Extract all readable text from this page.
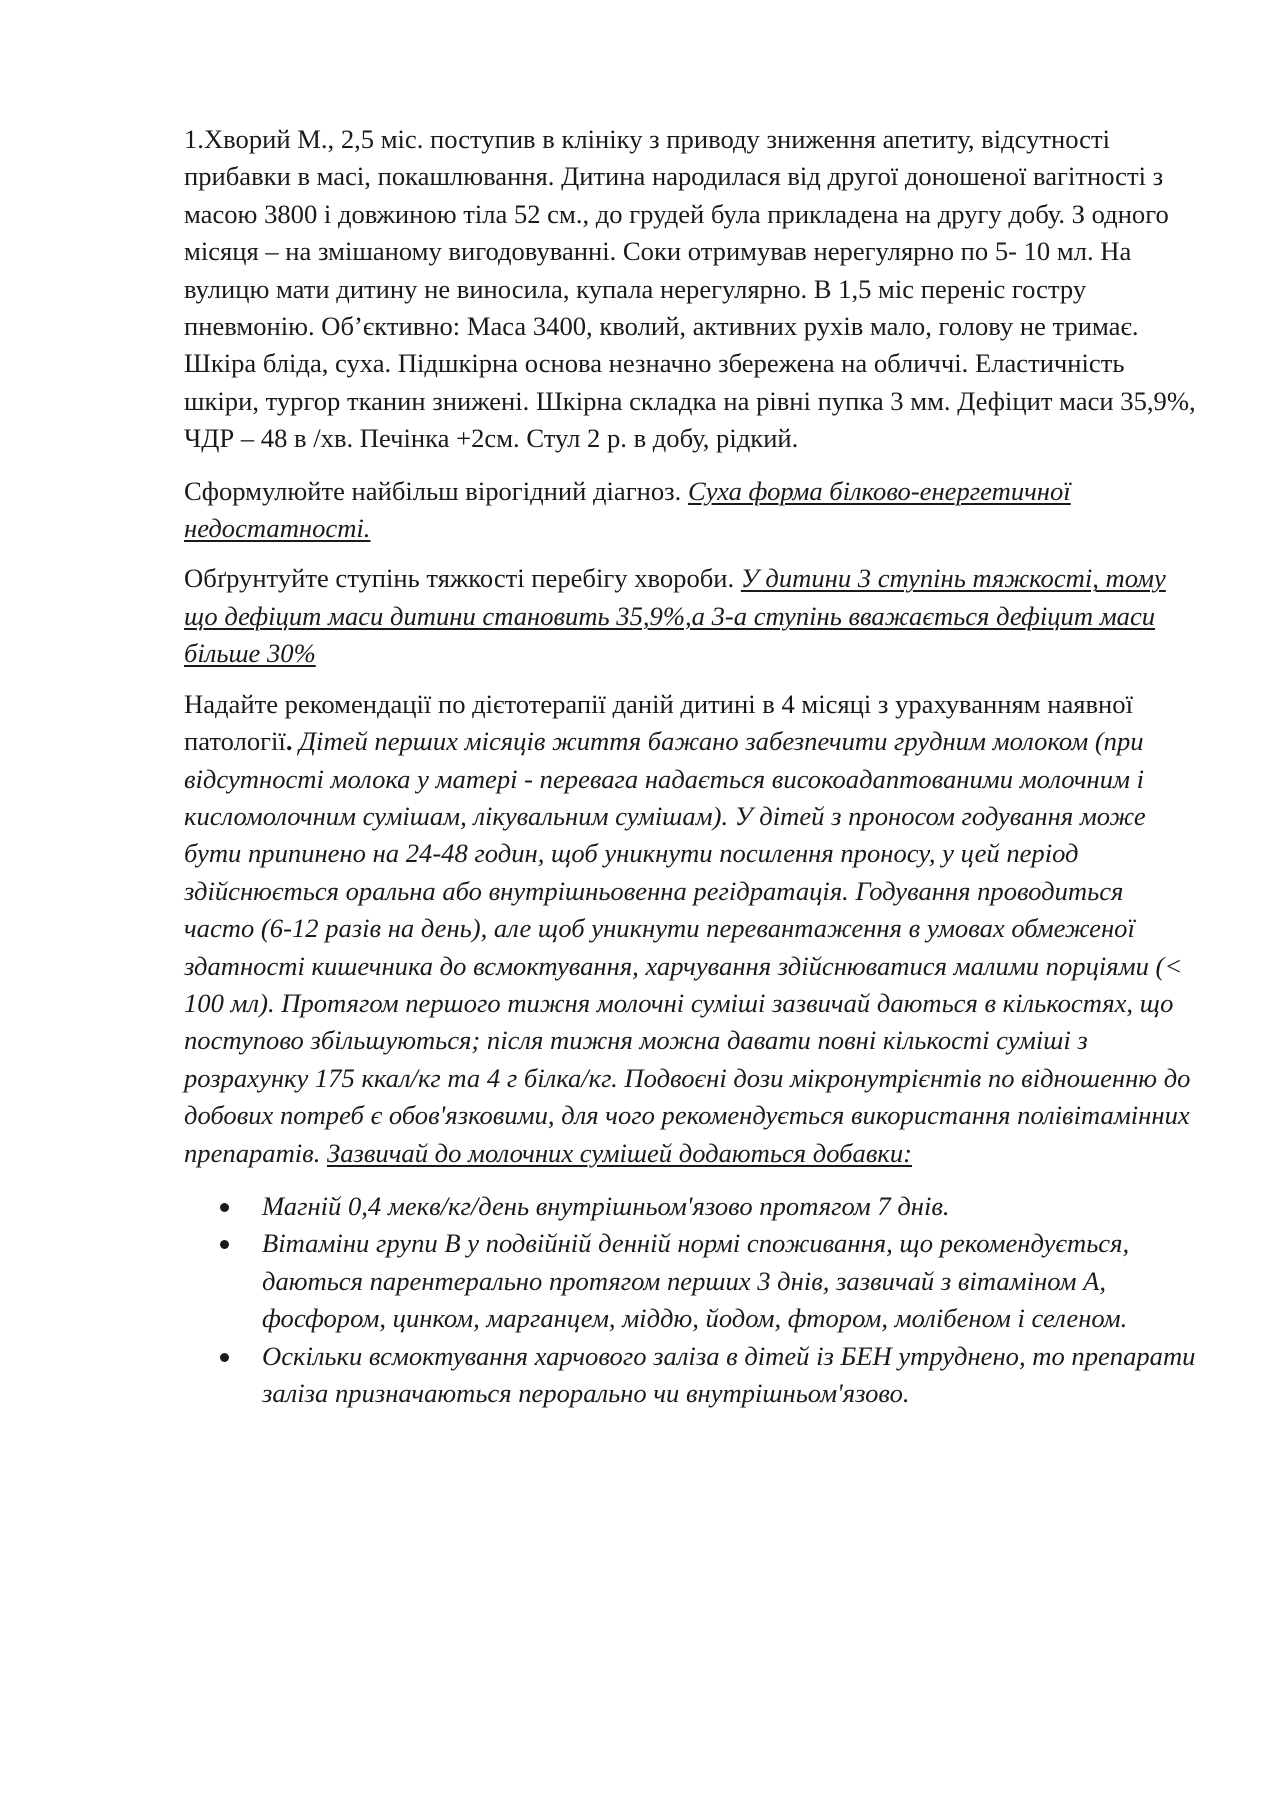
1.Хворий М., 2,5 міс. поступив в клініку з приводу зниження апетиту, відсутності прибавки в масі, покашлювання. Дитина народилася від другої доношеної вагітності з масою 3800 і довжиною тіла 52 см., до грудей була прикладена на другу добу. З одного місяця – на змішаному вигодовуванні. Соки отримував нерегулярно по 5- 10 мл. На вулицю мати дитину не виносила, купала нерегулярно. В 1,5 міс переніс гостру пневмонію. Об’єктивно: Маса 3400, кволий, активних рухів мало, голову не тримає. Шкіра бліда, суха. Підшкірна основа незначно збережена на обличчі. Еластичність шкіри, тургор тканин знижені. Шкірна складка на рівні пупка 3 мм. Дефіцит маси 35,9%, ЧДР – 48 в /хв. Печінка +2см. Стул 2 р. в добу, рідкий.

Сформулюйте найбільш вірогідний діагноз. Суха форма білково-енергетичної недостатності.

Обґрунтуйте ступінь тяжкості перебігу хвороби. У дитини 3 ступінь тяжкості, тому що дефіцит маси дитини становить 35,9%,а 3-а ступінь вважається дефіцит маси більше 30%

Надайте рекомендації по дієтотерапії даній дитині в 4 місяці з урахуванням наявної патології. Дітей перших місяців життя бажано забезпечити грудним молоком (при відсутності молока у матері - перевага надається високоадаптованими молочним і кисломолочним сумішам, лікувальним сумішам). У дітей з проносом годування може бути припинено на 24-48 годин, щоб уникнути посилення проносу, у цей період здійснюється оральна або внутрішньовенна регідратація. Годування проводиться часто (6-12 разів на день), але щоб уникнути перевантаження в умовах обмеженої здатності кишечника до всмоктування, харчування здійснюватися малими порціями (< 100 мл). Протягом першого тижня молочні суміші зазвичай даються в кількостях, що поступово збільшуються; після тижня можна давати повні кількості суміші з розрахунку 175 ккал/кг та 4 г білка/кг. Подвоєні дози мікронутрієнтів по відношенню до добових потреб є обов'язковими, для чого рекомендується використання полівітамінних препаратів. Зазвичай до молочних сумішей додаються добавки:

Магній 0,4 мекв/кг/день внутрішньом'язово протягом 7 днів.
Вітаміни групи В у подвійній денній нормі споживання, що рекомендується, даються парентерально протягом перших 3 днів, зазвичай з вітаміном А, фосфором, цинком, марганцем, міддю, йодом, фтором, молібеном і селеном.
Оскільки всмоктування харчового заліза в дітей із БЕН утруднено, то препарати заліза призначаються перорально чи внутрішньом'язово.
